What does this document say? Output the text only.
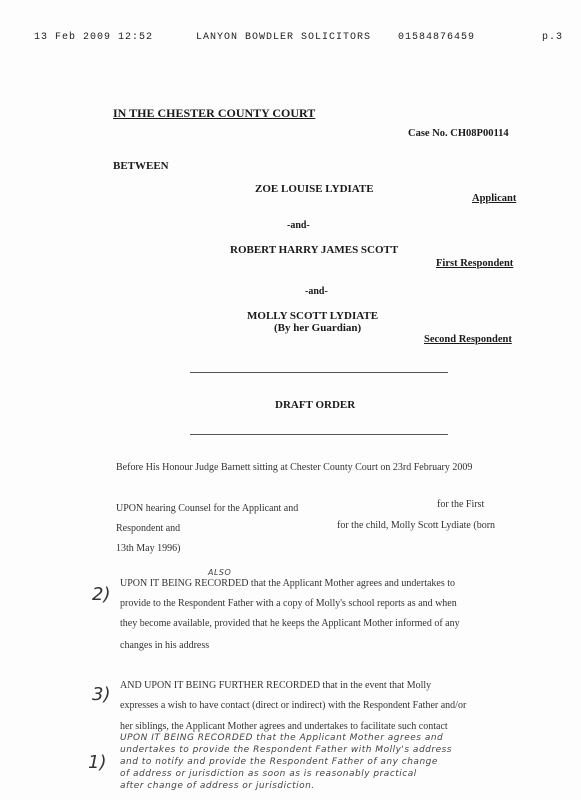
13 Feb 2009 12:52	LANYON BOWDLER SOLICITORS	01584876459	p.3
IN THE CHESTER COUNTY COURT
Case No. CH08P00114
BETWEEN
ZOE LOUISE LYDIATE
Applicant
-and-
ROBERT HARRY JAMES SCOTT
First Respondent
-and-
MOLLY SCOTT LYDIATE
(By her Guardian)
Second Respondent
DRAFT ORDER
Before His Honour Judge Barnett sitting at Chester County Court on 23rd February 2009
UPON hearing Counsel for the Applicant and	for the First
Respondent and	for the child, Molly Scott Lydiate (born
13th May 1996)
2)
ALSO
UPON IT BEING RECORDED that the Applicant Mother agrees and undertakes to
provide to the Respondent Father with a copy of Molly's school reports as and when
they become available, provided that he keeps the Applicant Mother informed of any
changes in his address
3) AND UPON IT BEING FURTHER RECORDED that in the event that Molly
expresses a wish to have contact (direct or indirect) with the Respondent Father and/or
her siblings, the Applicant Mother agrees and undertakes to facilitate such contact
1)
UPON IT BEING RECORDED that the Applicant Mother agrees and
undertakes to provide the Respondent Father with Molly's address
and to notify and provide the Respondent Father of any change
of address or jurisdiction as soon as is reasonably practical
after change of address or jurisdiction.
